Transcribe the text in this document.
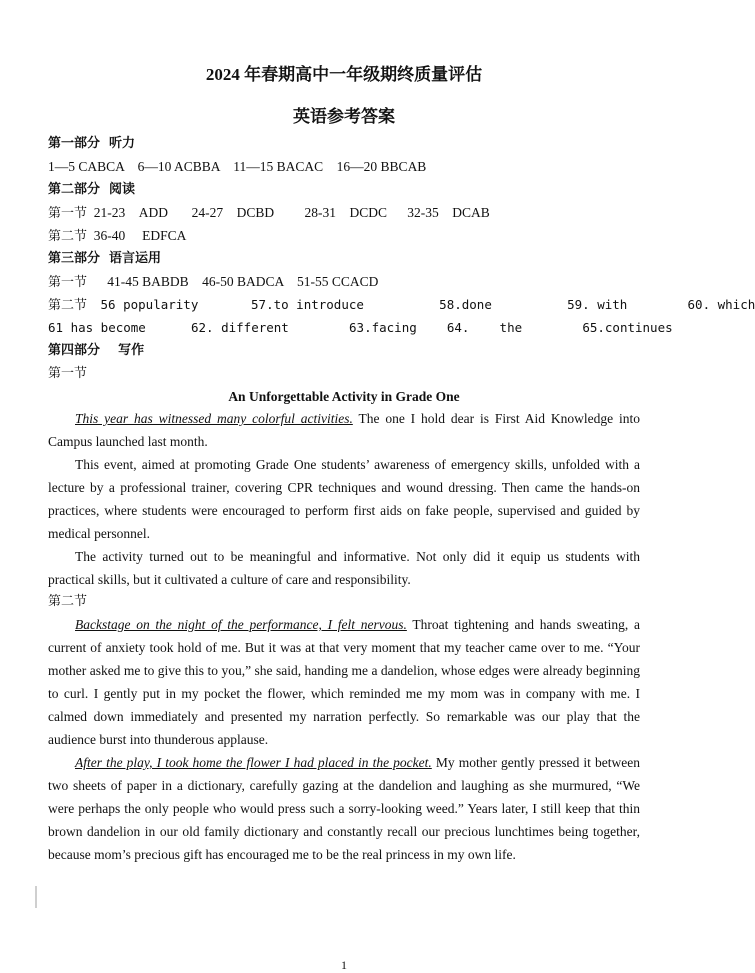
2024 年春期高中一年级期终质量评估
英语参考答案
第一部分  听力
1—5 CABCA    6—10 ACBBA    11—15 BACAC    16—20 BBCAB
第二部分  阅读
第一节 21-23    ADD       24-27    DCBD         28-31    DCDC      32-35    DCAB
第二节 36-40     EDFCA
第三部分  语言运用
第一节 41-45 BABDB    46-50 BADCA    51-55 CCACD
第二节 56 popularity       57.to introduce          58.done          59. with        60. which
61 has become      62. different        63.facing    64.    the        65.continues
第四部分    写作
第一节
An Unforgettable Activity in Grade One

This year has witnessed many colorful activities. The one I hold dear is First Aid Knowledge into Campus launched last month.

This event, aimed at promoting Grade One students’ awareness of emergency skills, unfolded with a lecture by a professional trainer, covering CPR techniques and wound dressing. Then came the hands-on practices, where students were encouraged to perform first aids on fake people, supervised and guided by medical personnel.

The activity turned out to be meaningful and informative. Not only did it equip us students with practical skills, but it cultivated a culture of care and responsibility.

第二节

Backstage on the night of the performance, I felt nervous. Throat tightening and hands sweating, a current of anxiety took hold of me. But it was at that very moment that my teacher came over to me. “Your mother asked me to give this to you,” she said, handing me a dandelion, whose edges were already beginning to curl. I gently put in my pocket the flower, which reminded me my mom was in company with me. I calmed down immediately and presented my narration perfectly. So remarkable was our play that the audience burst into thunderous applause.

After the play, I took home the flower I had placed in the pocket. My mother gently pressed it between two sheets of paper in a dictionary, carefully gazing at the dandelion and laughing as she murmured, “We were perhaps the only people who would press such a sorry-looking weed.” Years later, I still keep that thin brown dandelion in our old family dictionary and constantly recall our precious lunchtimes being together, because mom’s precious gift has encouraged me to be the real princess in my own life.

1
